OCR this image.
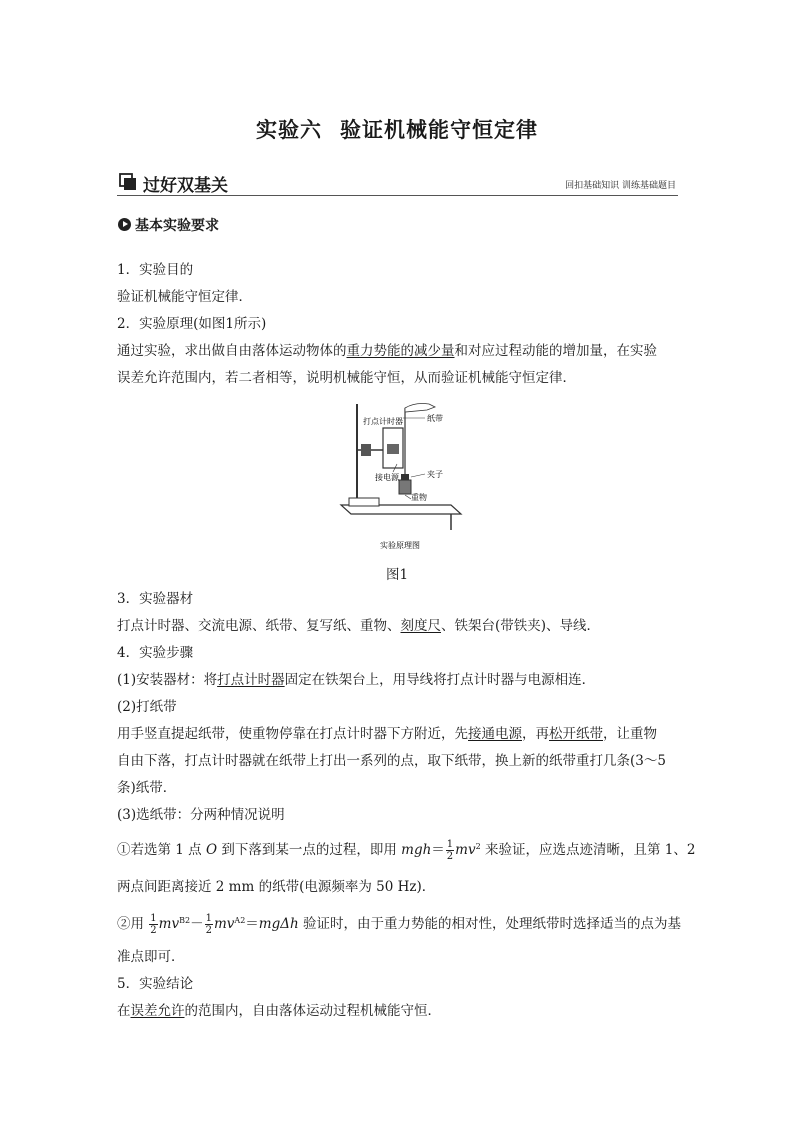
实验六 验证机械能守恒定律
过好双基关	回扣基础知识 训练基础题目
基本实验要求
1．实验目的
验证机械能守恒定律．
2．实验原理(如图1所示)
通过实验，求出做自由落体运动物体的重力势能的减少量和对应过程动能的增加量，在实验
误差允许范围内，若二者相等，说明机械能守恒，从而验证机械能守恒定律．
打点计时器	纸带
接电源	夹子
重物
实验原理图
图1
3．实验器材
打点计时器、交流电源、纸带、复写纸、重物、刻度尺、铁架台(带铁夹)、导线．
4．实验步骤
(1)安装器材：将打点计时器固定在铁架台上，用导线将打点计时器与电源相连．
(2)打纸带
用手竖直提起纸带，使重物停靠在打点计时器下方附近，先接通电源，再松开纸带，让重物
自由下落，打点计时器就在纸带上打出一系列的点，取下纸带，换上新的纸带重打几条(3～5
条)纸带．
(3)选纸带：分两种情况说明
①若选第 1 点 O 到下落到某一点的过程，即用 $mgh= \frac{1}{2} mv^2$ 来验证，应选点迹清晰，且第 1、2
两点间距离接近 2 mm 的纸带(电源频率为 50 Hz)．
②用 $\frac{1}{2} mv^{B2}- \frac{1}{2} mv^{A2}=mg\Delta h$ 验证时，由于重力势能的相对性，处理纸带时选择适当的点为基
准点即可．
5．实验结论
在误差允许的范围内，自由落体运动过程机械能守恒．
